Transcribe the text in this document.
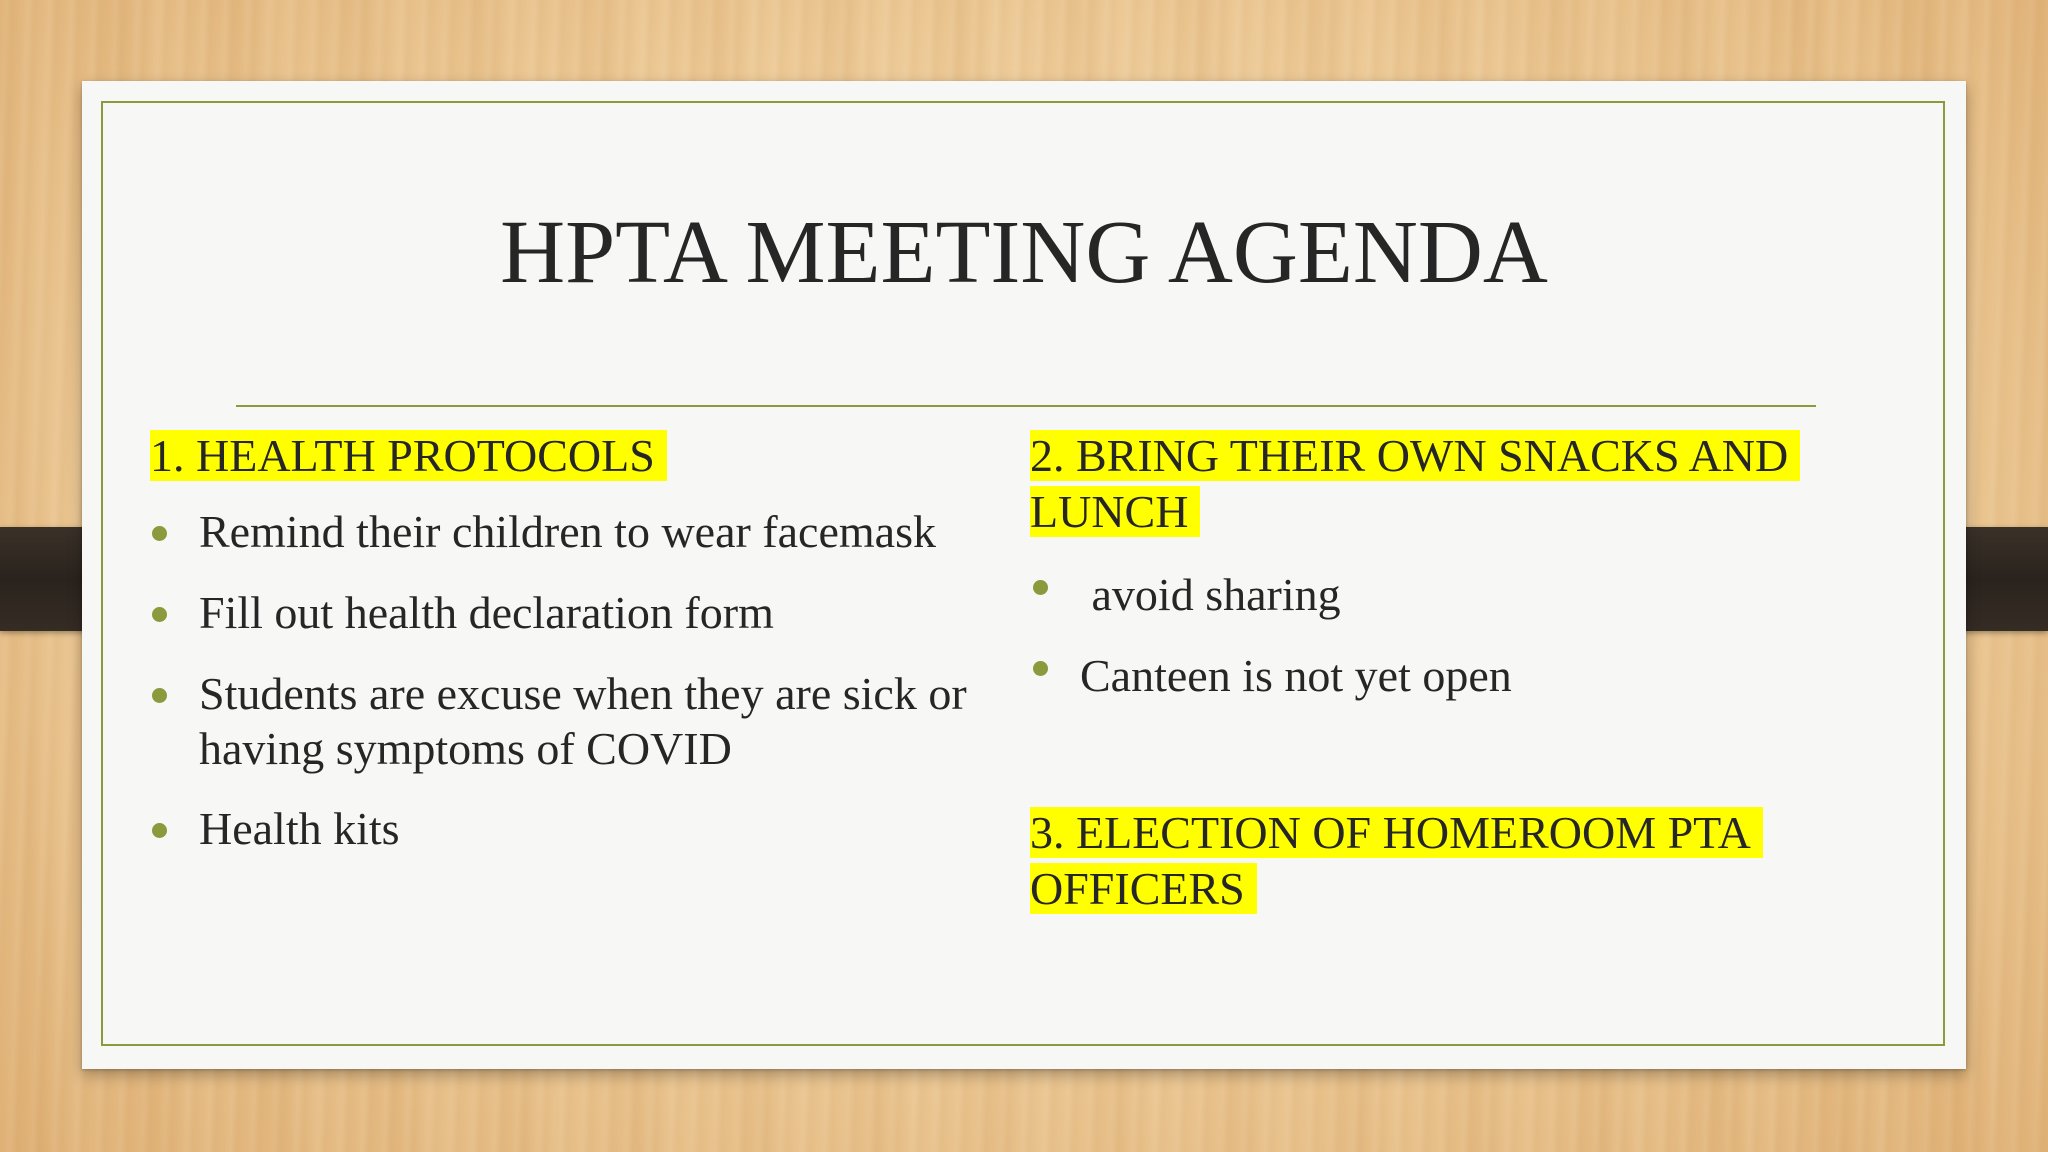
HPTA MEETING AGENDA
1. HEALTH PROTOCOLS
Remind their children to wear facemask
Fill out health declaration form
Students are excuse when they are sick or
having symptoms of COVID
Health kits
2. BRING THEIR OWN SNACKS AND
LUNCH
avoid sharing
Canteen is not yet open
3. ELECTION OF HOMEROOM PTA
OFFICERS
